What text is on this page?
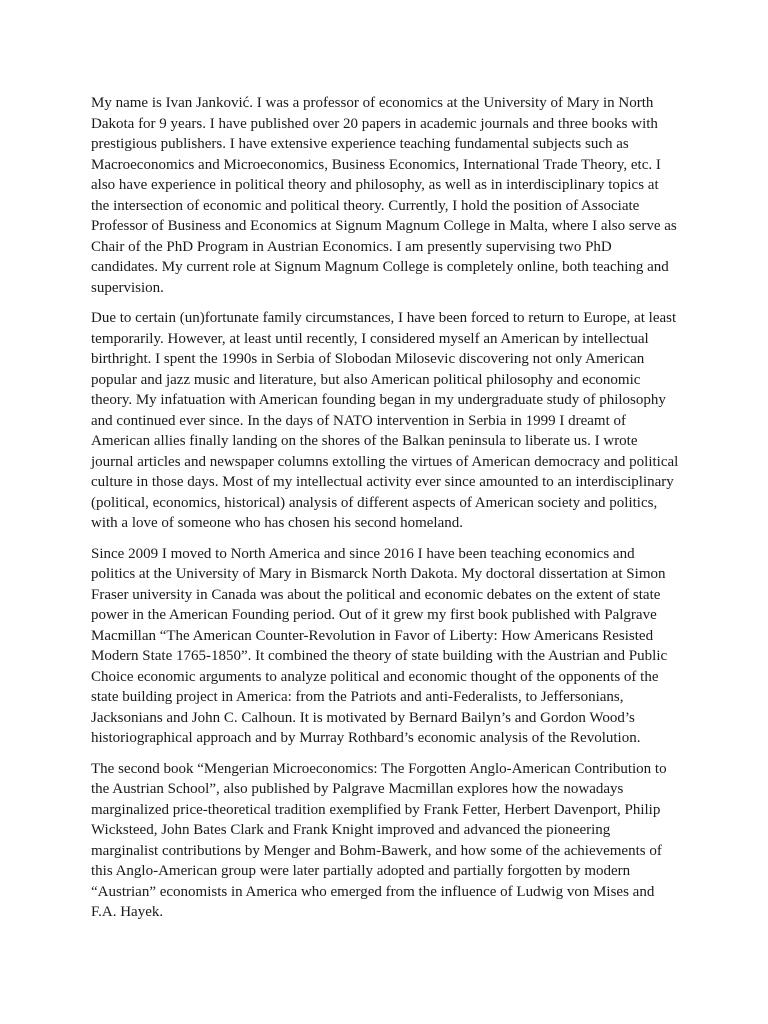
My name is Ivan Janković. I was a professor of economics at the University of Mary in North Dakota for 9 years. I have published over 20 papers in academic journals and three books with prestigious publishers. I have extensive experience teaching fundamental subjects such as Macroeconomics and Microeconomics, Business Economics, International Trade Theory, etc. I also have experience in political theory and philosophy, as well as in interdisciplinary topics at the intersection of economic and political theory. Currently, I hold the position of Associate Professor of Business and Economics at Signum Magnum College in Malta, where I also serve as Chair of the PhD Program in Austrian Economics. I am presently supervising two PhD candidates. My current role at Signum Magnum College is completely online, both teaching and supervision.

Due to certain (un)fortunate family circumstances, I have been forced to return to Europe, at least temporarily. However, at least until recently, I considered myself an American by intellectual birthright. I spent the 1990s in Serbia of Slobodan Milosevic discovering not only American popular and jazz music and literature, but also American political philosophy and economic theory. My infatuation with American founding began in my undergraduate study of philosophy and continued ever since. In the days of NATO intervention in Serbia in 1999 I dreamt of American allies finally landing on the shores of the Balkan peninsula to liberate us. I wrote journal articles and newspaper columns extolling the virtues of American democracy and political culture in those days. Most of my intellectual activity ever since amounted to an interdisciplinary (political, economics, historical) analysis of different aspects of American society and politics, with a love of someone who has chosen his second homeland.

Since 2009 I moved to North America and since 2016 I have been teaching economics and politics at the University of Mary in Bismarck North Dakota. My doctoral dissertation at Simon Fraser university in Canada was about the political and economic debates on the extent of state power in the American Founding period. Out of it grew my first book published with Palgrave Macmillan “The American Counter-Revolution in Favor of Liberty: How Americans Resisted Modern State 1765-1850”. It combined the theory of state building with the Austrian and Public Choice economic arguments to analyze political and economic thought of the opponents of the state building project in America: from the Patriots and anti-Federalists, to Jeffersonians, Jacksonians and John C. Calhoun. It is motivated by Bernard Bailyn’s and Gordon Wood’s historiographical approach and by Murray Rothbard’s economic analysis of the Revolution.

The second book “Mengerian Microeconomics: The Forgotten Anglo-American Contribution to the Austrian School”, also published by Palgrave Macmillan explores how the nowadays marginalized price-theoretical tradition exemplified by Frank Fetter, Herbert Davenport, Philip Wicksteed, John Bates Clark and Frank Knight improved and advanced the pioneering marginalist contributions by Menger and Bohm-Bawerk, and how some of the achievements of this Anglo-American group were later partially adopted and partially forgotten by modern “Austrian” economists in America who emerged from the influence of Ludwig von Mises and F.A. Hayek.
